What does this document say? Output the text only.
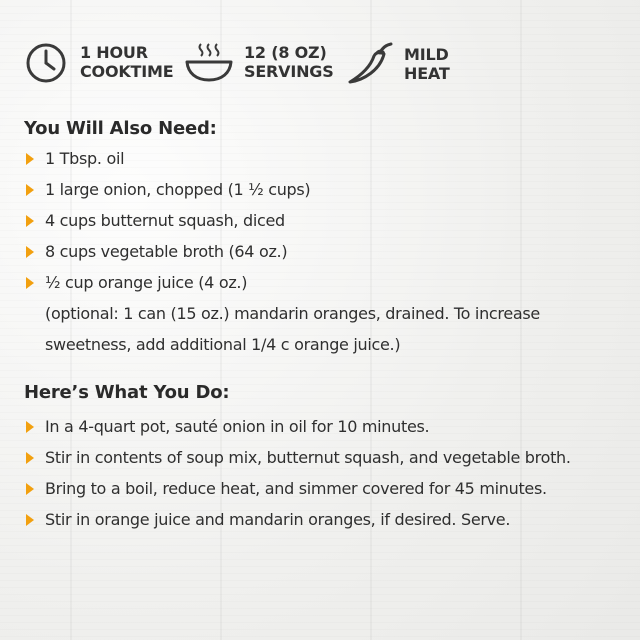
1 HOUR
COOKTIME
12 (8 OZ)
SERVINGS
MILD
HEAT
You Will Also Need:
1 Tbsp. oil
1 large onion, chopped (1 ½ cups)
4 cups butternut squash, diced
8 cups vegetable broth (64 oz.)
½ cup orange juice (4 oz.)
(optional: 1 can (15 oz.) mandarin oranges, drained. To increase sweetness, add additional 1/4 c orange juice.)
Here’s What You Do:
In a 4-quart pot, sauté onion in oil for 10 minutes.
Stir in contents of soup mix, butternut squash, and vegetable broth.
Bring to a boil, reduce heat, and simmer covered for 45 minutes.
Stir in orange juice and mandarin oranges, if desired. Serve.
